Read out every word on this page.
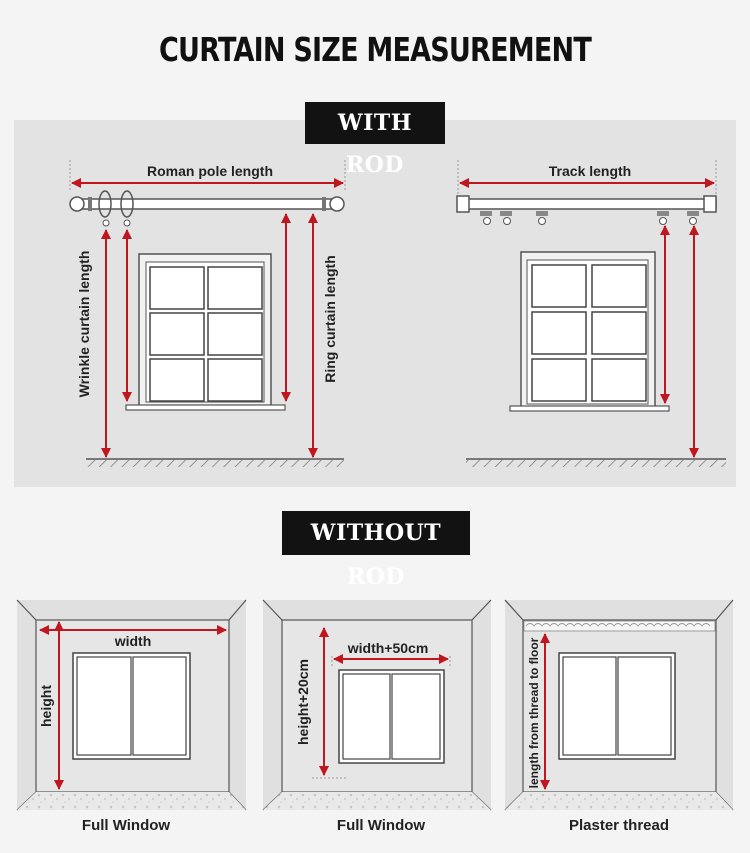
CURTAIN SIZE MEASUREMENT
WITH ROD
WITHOUT ROD
Roman pole length	Track length
Wrinkle curtain length	Ring curtain length
width
height
width+50cm
height+20cm	length from thread to floor
Full Window	Full Window	Plaster thread
